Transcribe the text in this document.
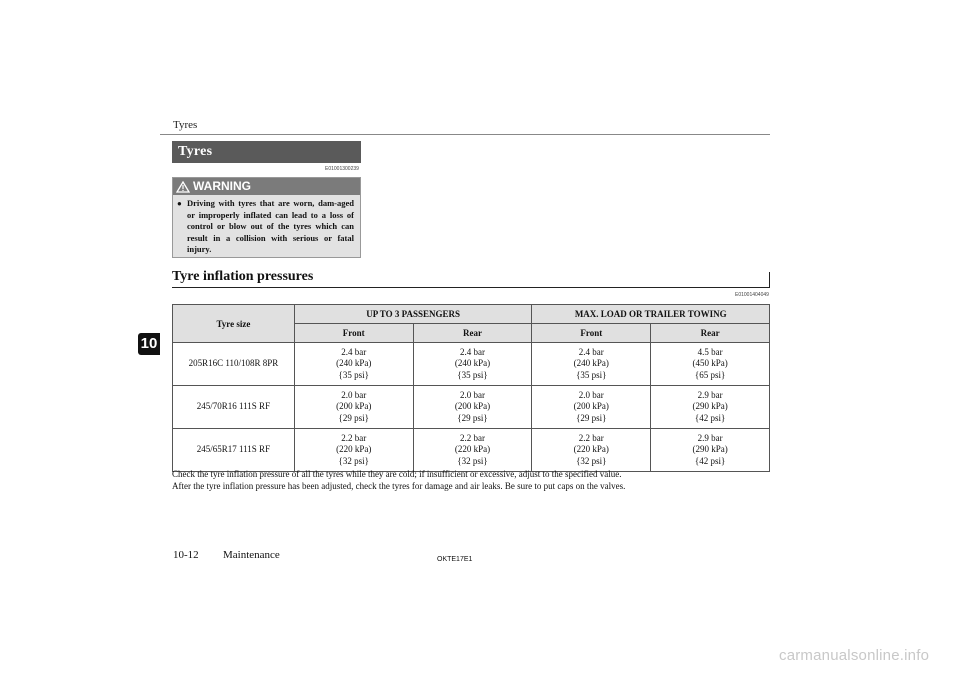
Tyres
10
Tyres
E01001300239
WARNING
● Driving with tyres that are worn, dam-aged or improperly inflated can lead to a loss of control or blow out of the tyres which can result in a collision with serious or fatal injury.
Tyre inflation pressures
E01001404049
Tyre size	UP TO 3 PASSENGERS		MAX. LOAD OR TRAILER TOWING	
	Front	Rear	Front	Rear
205R16C 110/108R 8PR	2.4 bar
(240 kPa)
{35 psi}	2.4 bar
(240 kPa)
{35 psi}	2.4 bar
(240 kPa)
{35 psi}	4.5 bar
(450 kPa)
{65 psi}

245/70R16 111S RF	2.0 bar
(200 kPa)
{29 psi}	2.0 bar
(200 kPa)
{29 psi}	2.0 bar
(200 kPa)
{29 psi}	2.9 bar
(290 kPa)
{42 psi}

245/65R17 111S RF	2.2 bar
(220 kPa)
{32 psi}	2.2 bar
(220 kPa)
{32 psi}	2.2 bar
(220 kPa)
{32 psi}	2.9 bar
(290 kPa)
{42 psi}

Check the tyre inflation pressure of all the tyres while they are cold; if insufficient or excessive, adjust to the specified value.

After the tyre inflation pressure has been adjusted, check the tyres for damage and air leaks. Be sure to put caps on the valves.

10-12 Maintenance	OKTE17E1
carmanualsonline.info
